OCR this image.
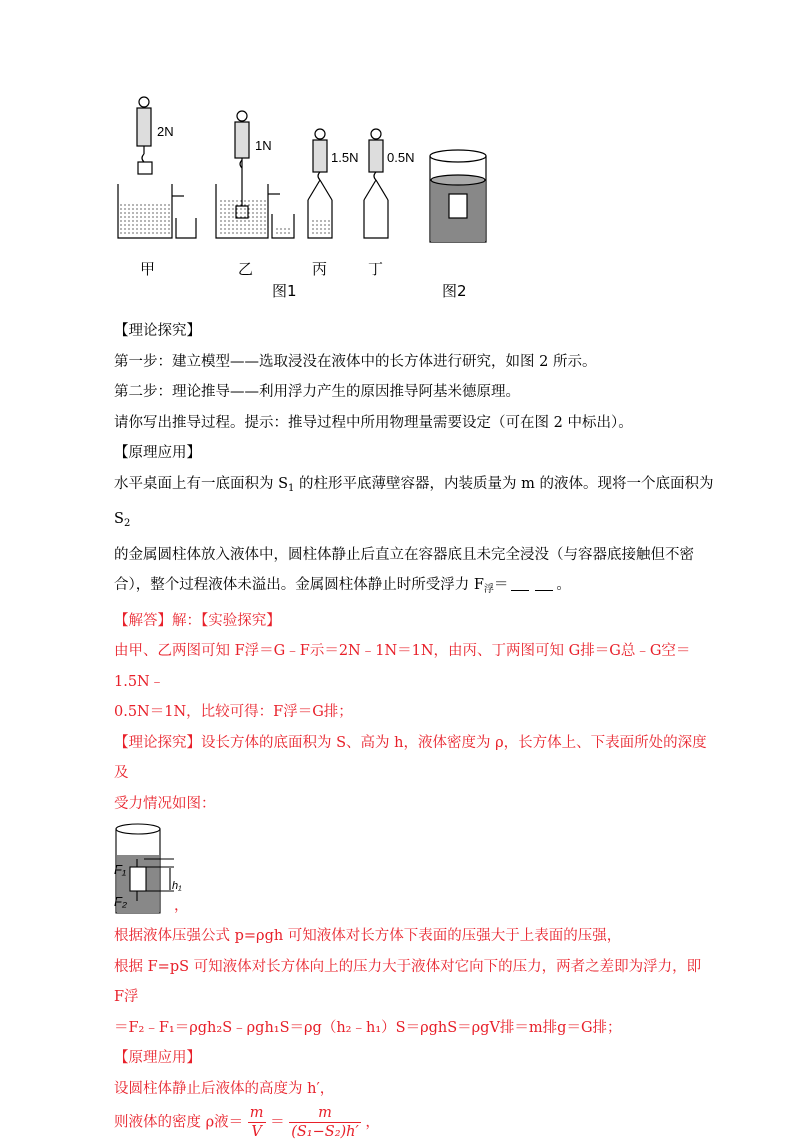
2N
1N
1.5N 0.5N
甲	乙	丙	丁
图1	图2

【理论探究】

第一步：建立模型——选取浸没在液体中的长方体进行研究，如图 2 所示。

第二步：理论推导——利用浮力产生的原因推导阿基米德原理。

请你写出推导过程。提示：推导过程中所用物理量需要设定（可在图 2 中标出）。

【原理应用】

水平桌面上有一底面积为 $S_1$ 的柱形平底薄壁容器，内装质量为 m 的液体。现将一个底面积为 $S_2$

的金属圆柱体放入液体中，圆柱体静止后直立在容器底且未完全浸没（与容器底接触但不密

合），整个过程液体未溢出。金属圆柱体静止时所受浮力 $F_浮=$	。

【解答】解：【实验探究】

由甲、乙两图可知 F浮＝G﹣F示＝2N﹣1N＝1N，由丙、丁两图可知 G排＝G总﹣G空＝1.5N﹣

0.5N＝1N，比较可得：F浮＝G排；

【理论探究】设长方体的底面积为 S、高为 h，液体密度为 ρ，长方体上、下表面所处的深度及

受力情况如图：

F₁
F₂
h₁
，

根据液体压强公式 p=ρgh 可知液体对长方体下表面的压强大于上表面的压强，

根据 F=pS 可知液体对长方体向上的压力大于液体对它向下的压力，两者之差即为浮力，即 F浮

＝F₂﹣F₁＝ρgh₂S﹣ρgh₁S＝ρg（h₂﹣h₁）S＝ρghS＝ρgV排＝m排g＝G排；

【原理应用】

设圆柱体静止后液体的高度为 h′，

则液体的密度 ρ液＝ $\frac{m}{V} = \frac{m}{\text{(S₁−S₂)h′}}$ ，
